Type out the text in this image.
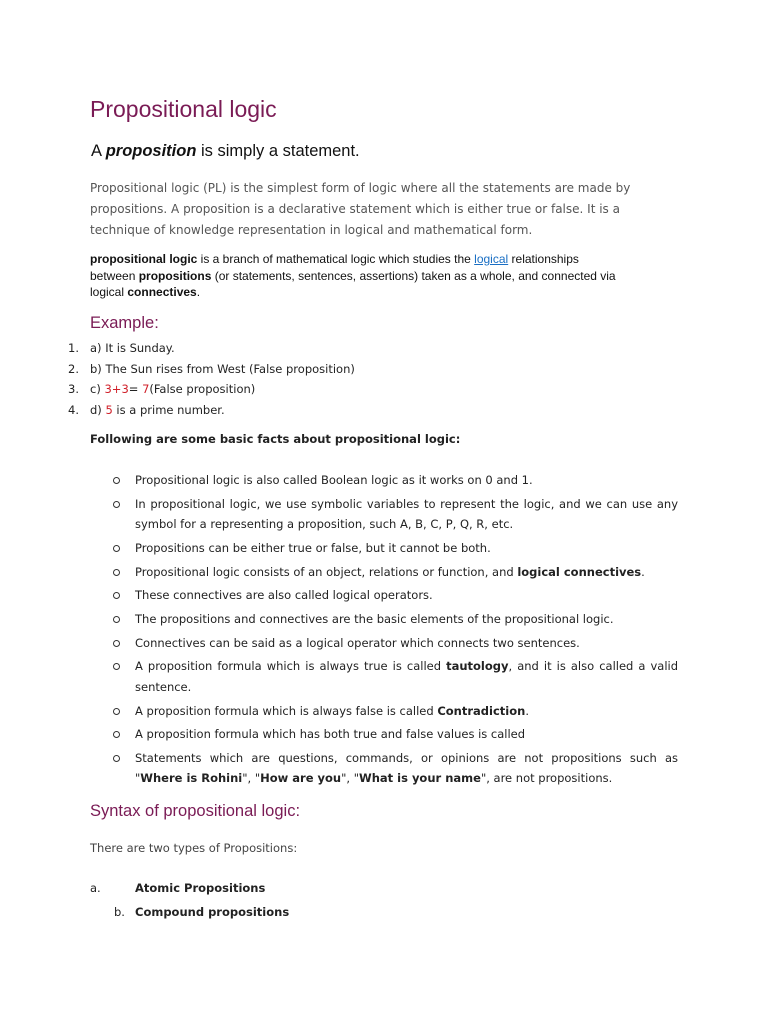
Propositional logic

A proposition is simply a statement.

Propositional logic (PL) is the simplest form of logic where all the statements are made by propositions. A proposition is a declarative statement which is either true or false. It is a technique of knowledge representation in logical and mathematical form.

propositional logic is a branch of mathematical logic which studies the logical relationships
between propositions (or statements, sentences, assertions) taken as a whole, and connected via
logical connectives.

Example:
1. a) It is Sunday.
2. b) The Sun rises from West (False proposition)
3. c) 3+3= 7(False proposition)
4. d) 5 is a prime number.

Following are some basic facts about propositional logic:

Propositional logic is also called Boolean logic as it works on 0 and 1.
In propositional logic, we use symbolic variables to represent the logic, and we can use any symbol for a representing a proposition, such A, B, C, P, Q, R, etc.
Propositions can be either true or false, but it cannot be both.
Propositional logic consists of an object, relations or function, and logical connectives.
These connectives are also called logical operators.
The propositions and connectives are the basic elements of the propositional logic.
Connectives can be said as a logical operator which connects two sentences.
A proposition formula which is always true is called tautology, and it is also called a valid sentence.
A proposition formula which is always false is called Contradiction.
A proposition formula which has both true and false values is called
Statements which are questions, commands, or opinions are not propositions such as "Where is Rohini", "How are you", "What is your name", are not propositions.
Syntax of propositional logic:

There are two types of Propositions:

a.	Atomic Propositions
b. Compound propositions
